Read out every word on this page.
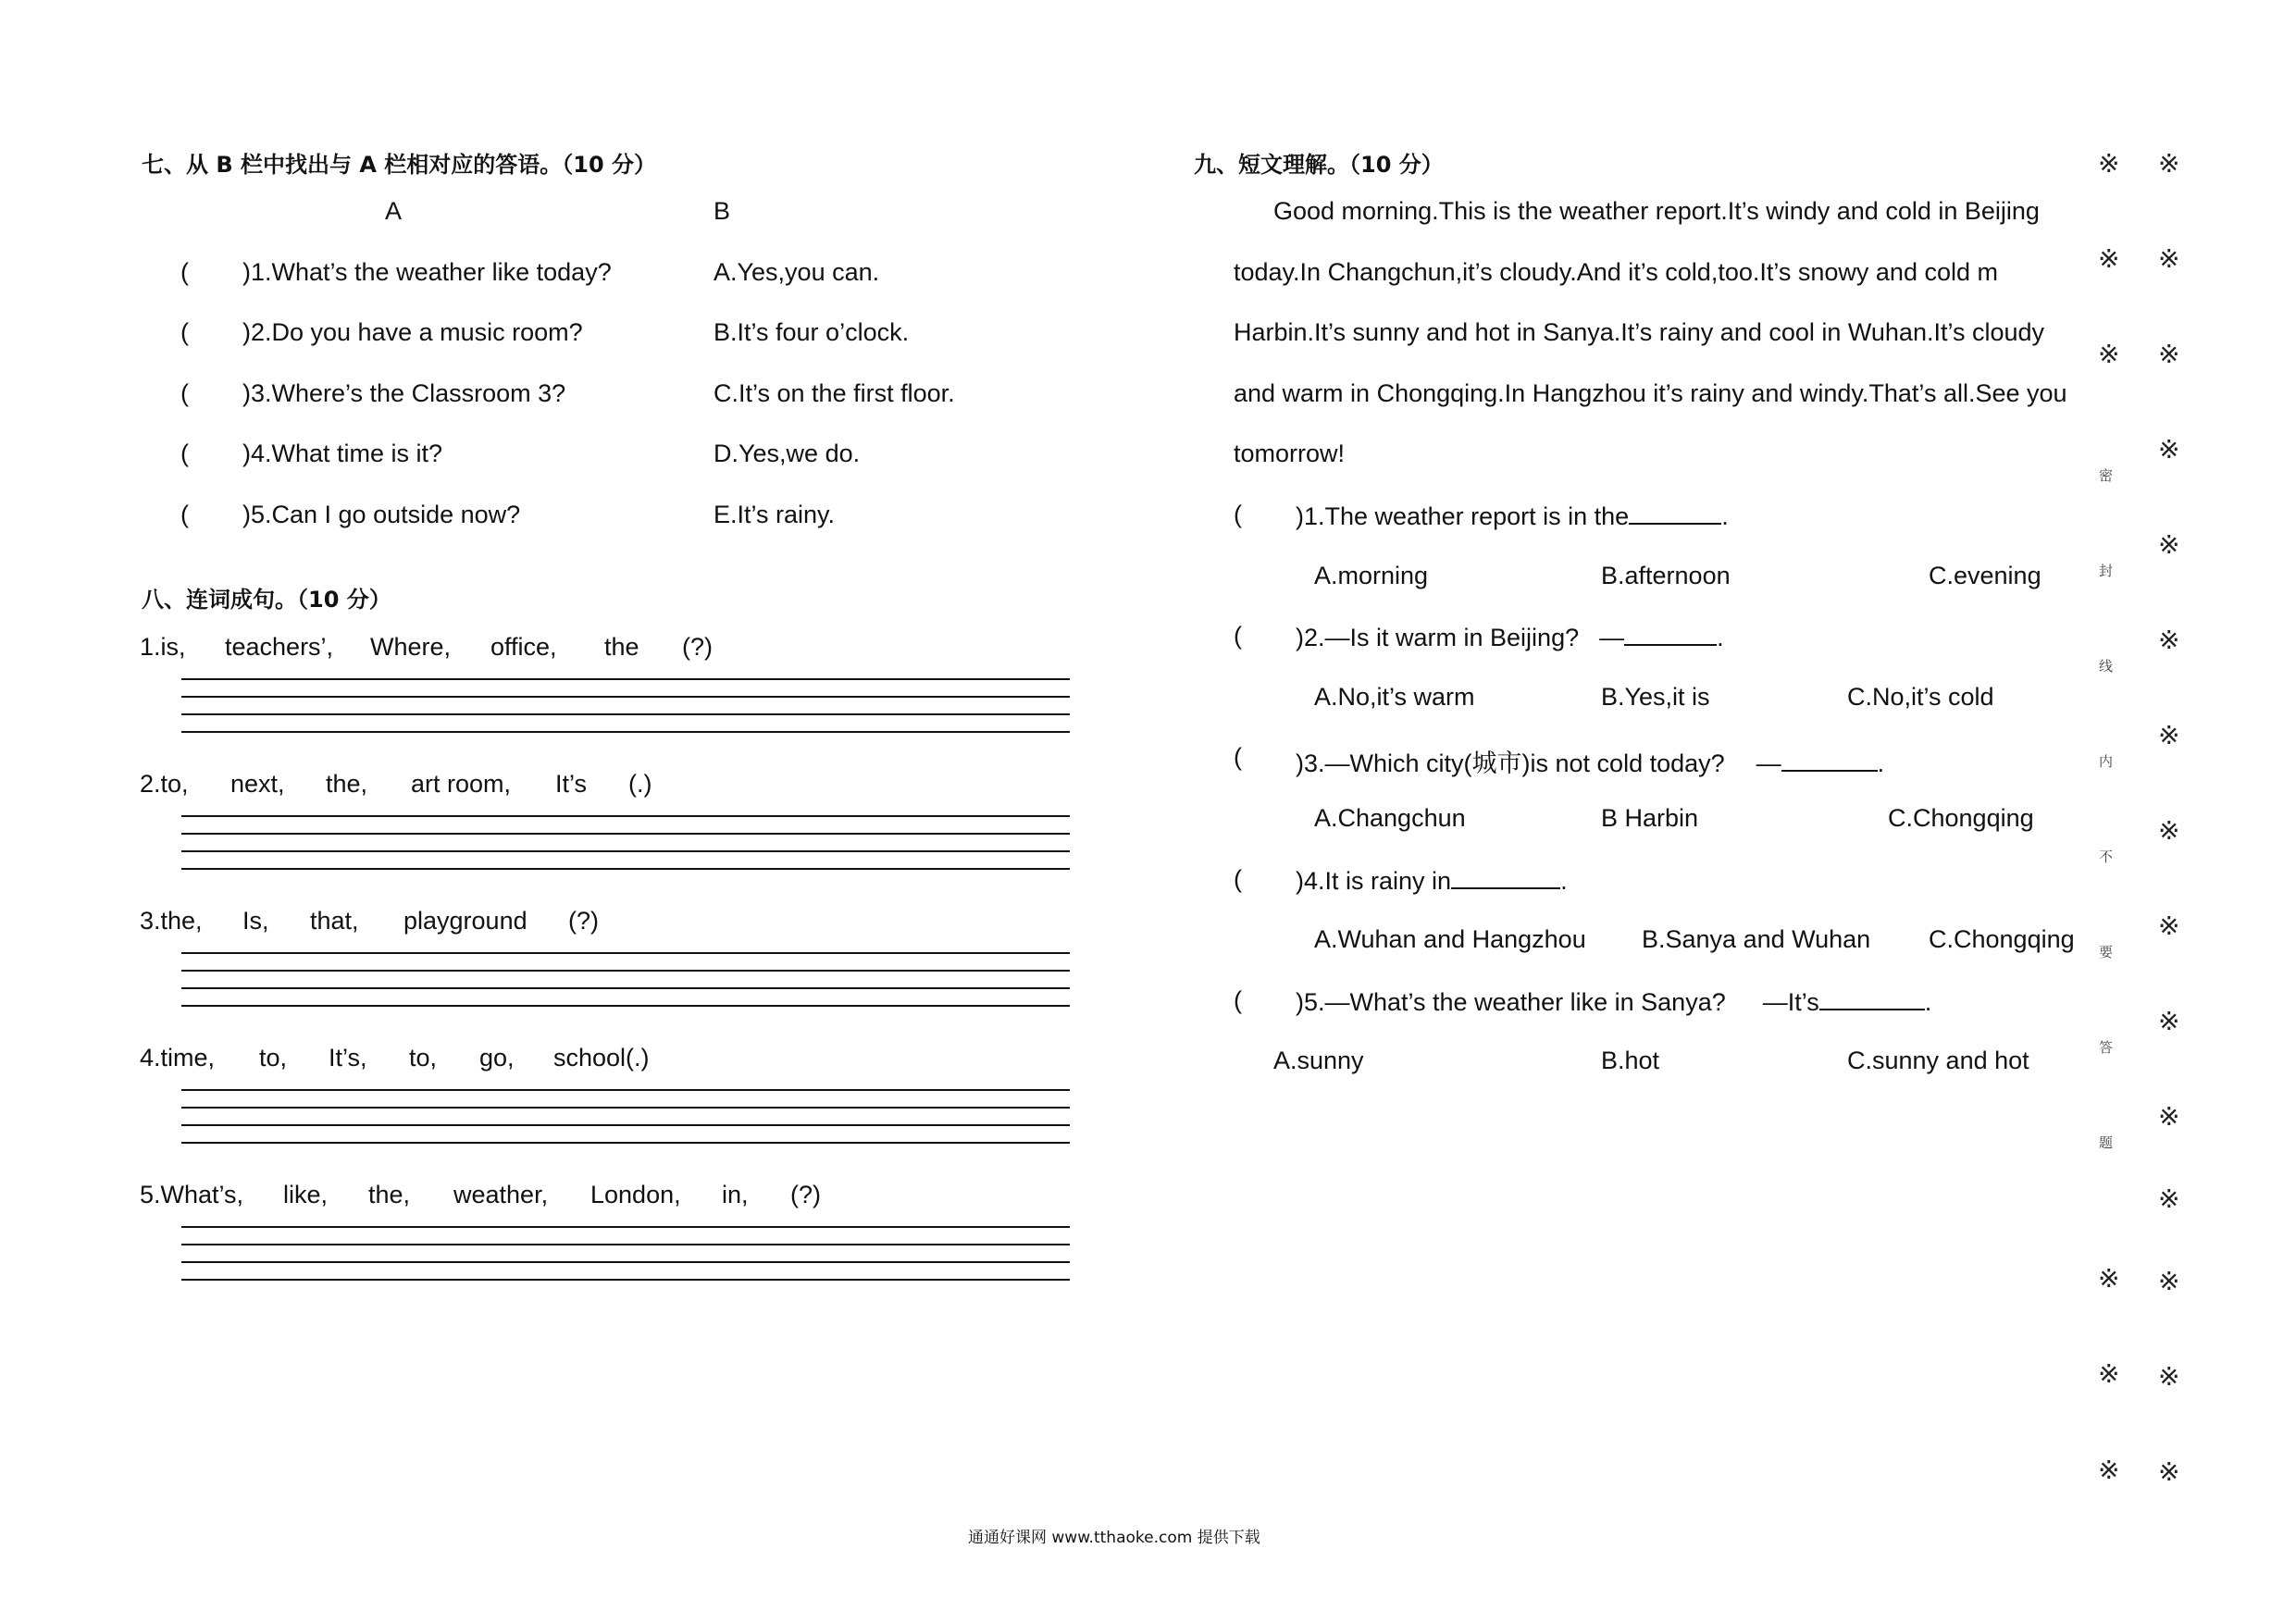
七、从 B 栏中找出与 A 栏相对应的答语。（10 分）
A	B
( )1.What’s the weather like today?	A.Yes,you can.
( )2.Do you have a music room?	B.It’s four o’clock.
( )3.Where’s the Classroom 3?	C.It’s on the first floor.
( )4.What time is it?	D.Yes,we do.
( )5.Can I go outside now?	E.It’s rainy.
八、连词成句。（10 分）
1.is, teachers’, Where, office, the (?)
2.to, next, the, art room, It’s (.)
3.the, Is, that, playground (?)
4.time, to, It’s, to, go, school(.)
5.What’s, like, the, weather, London, in, (?)
九、短文理解。（10 分）
Good morning.This is the weather report.It’s windy and cold in Beijing
today.In Changchun,it’s cloudy.And it’s cold,too.It’s snowy and cold m
Harbin.It’s sunny and hot in Sanya.It’s rainy and cool in Wuhan.It’s cloudy
and warm in Chongqing.In Hangzhou it’s rainy and windy.That’s all.See you
tomorrow!
( )1.The weather report is in the	.
A.morning	B.afternoon	C.evening
( )2.—Is it warm in Beijing? —	.
A.No,it’s warm	B.Yes,it is	C.No,it’s cold
( )3.—Which city(城市)is not cold today? —	.
A.Changchun	B Harbin	C.Chongqing
( )4.It is rainy in	.
A.Wuhan and Hangzhou B.Sanya and Wuhan C.Chongqing
( )5.—What’s the weather like in Sanya? —It’s	.
A.sunny	B.hot	C.sunny and hot
※
※
※
密
封
线
内
不
要
答
题
※
※
※
※
※
※
※
※
※
※
※
※
※
※
※
※
※
※
通通好课网 www.tthaoke.com 提供下载
